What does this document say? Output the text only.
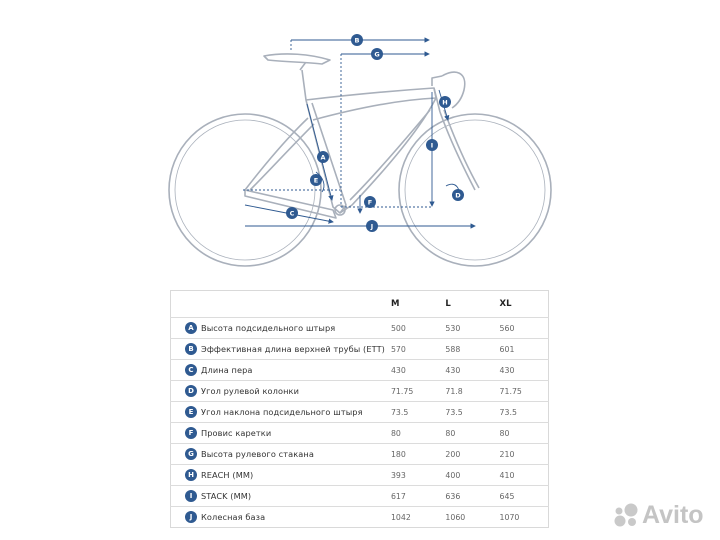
B
G
H
I
A
E
F
C
D
J
	M	L	XL
A Высота подсидельного штыря	500	530	560
B Эффективная длина верхней трубы (ETT)	570	588	601
C Длина пера	430	430	430
D Угол рулевой колонки	71.75	71.8	71.75
E Угол наклона подсидельного штыря	73.5	73.5	73.5
F Провис каретки	80	80	80
G Высота рулевого стакана	180	200	210
H REACH (MM)	393	400	410
I STACK (MM)	617	636	645
J Колесная база	1042	1060	1070	Avito
